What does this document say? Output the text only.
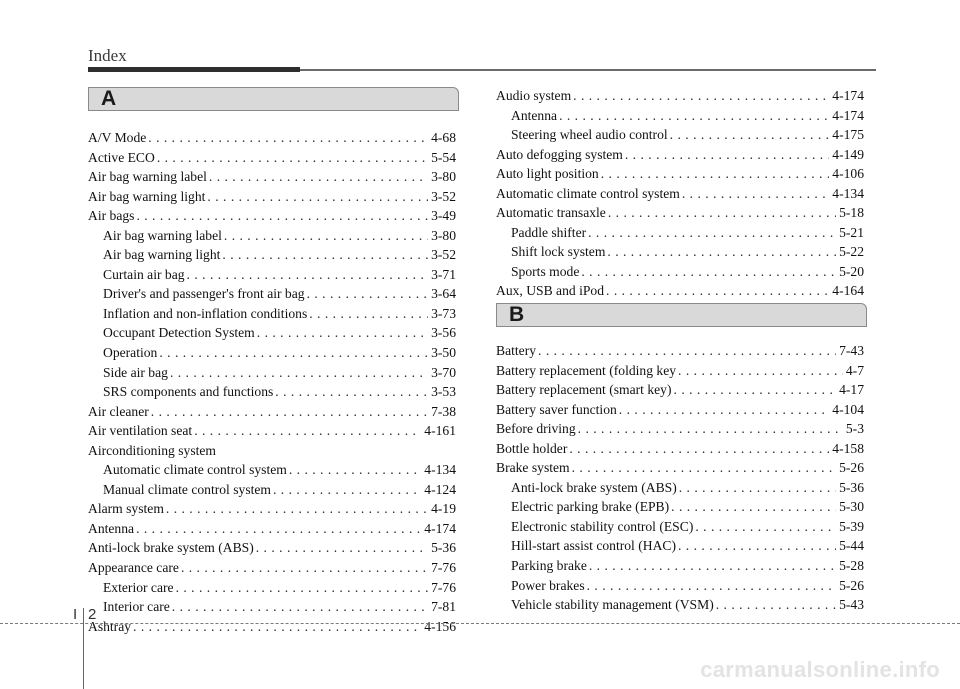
Index
A
A/V Mode . . .	4-68
Active ECO . . .	5-54
Air bag warning label . . .	3-80
Air bag warning light . . .	3-52
Air bags . . .	3-49
Air bag warning label . . .	3-80
Air bag warning light . . .	3-52
Curtain air bag . . .	3-71
Driver's and passenger's front air bag . . .	3-64
Inflation and non-inflation conditions . . .	3-73
Occupant Detection System . . .	3-56
Operation . . .	3-50
Side air bag . . .	3-70
SRS components and functions . . .	3-53
Air cleaner . . .	7-38
Air ventilation seat . . .	4-161
Airconditioning system
Automatic climate control system . . .	4-134
Manual climate control system . . .	4-124
Alarm system . . .	4-19
Antenna . . .	4-174
Anti-lock brake system (ABS) . . .	5-36
Appearance care . . .	7-76
Exterior care . . .	7-76
Interior care . . .	7-81
Ashtray . . .	4-156
Audio system . . .	4-174
Antenna . . .	4-174
Steering wheel audio control . . .	4-175
Auto defogging system . . .	4-149
Auto light position . . .	4-106
Automatic climate control system . . .	4-134
Automatic transaxle . . .	5-18
Paddle shifter . . .	5-21
Shift lock system . . .	5-22
Sports mode . . .	5-20
Aux, USB and iPod . . .	4-164
B
Battery . . .	7-43
Battery replacement (folding key . . .	4-7
Battery replacement (smart key) . . .	4-17
Battery saver function . . .	4-104
Before driving . . .	5-3
Bottle holder . . .	4-158
Brake system . . .	5-26
Anti-lock brake system (ABS) . . .	5-36
Electric parking brake (EPB) . . .	5-30
Electronic stability control (ESC) . . .	5-39
Hill-start assist control (HAC) . . .	5-44
Parking brake . . .	5-28
Power brakes . . .	5-26
Vehicle stability management (VSM) . . .	5-43
I 2
carmanualsonline.info
